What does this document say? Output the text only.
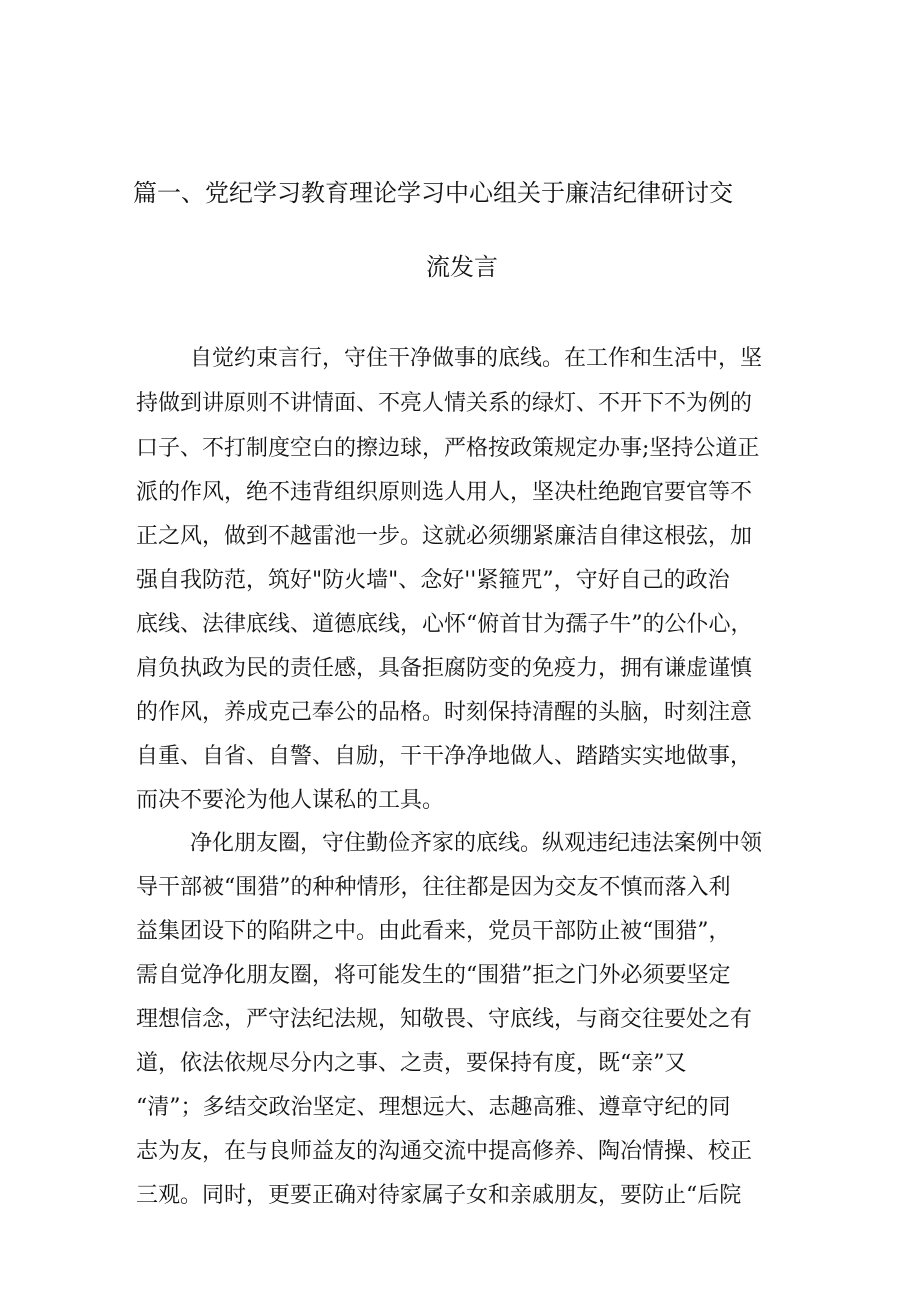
篇一、党纪学习教育理论学习中心组关于廉洁纪律研讨交
流发言
自觉约束言行，守住干净做事的底线。在工作和生活中，坚
持做到讲原则不讲情面、不亮人情关系的绿灯、不开下不为例的
口子、不打制度空白的擦边球，严格按政策规定办事;坚持公道正
派的作风，绝不违背组织原则选人用人，坚决杜绝跑官要官等不
正之风，做到不越雷池一步。这就必须绷紧廉洁自律这根弦，加
强自我防范，筑好"防火墙"、念好''紧箍咒”，守好自己的政治
底线、法律底线、道德底线，心怀“俯首甘为孺子牛”的公仆心，
肩负执政为民的责任感，具备拒腐防变的免疫力，拥有谦虚谨慎
的作风，养成克己奉公的品格。时刻保持清醒的头脑，时刻注意
自重、自省、自警、自励，干干净净地做人、踏踏实实地做事，
而决不要沦为他人谋私的工具。
净化朋友圈，守住勤俭齐家的底线。纵观违纪违法案例中领
导干部被“围猎”的种种情形，往往都是因为交友不慎而落入利
益集团设下的陷阱之中。由此看来，党员干部防止被“围猎”，
需自觉净化朋友圈，将可能发生的“围猎”拒之门外必须要坚定
理想信念，严守法纪法规，知敬畏、守底线，与商交往要处之有
道，依法依规尽分内之事、之责，要保持有度，既“亲”又
“清”；多结交政治坚定、理想远大、志趣高雅、遵章守纪的同
志为友，在与良师益友的沟通交流中提高修养、陶冶情操、校正
三观。同时，更要正确对待家属子女和亲戚朋友，要防止“后院
